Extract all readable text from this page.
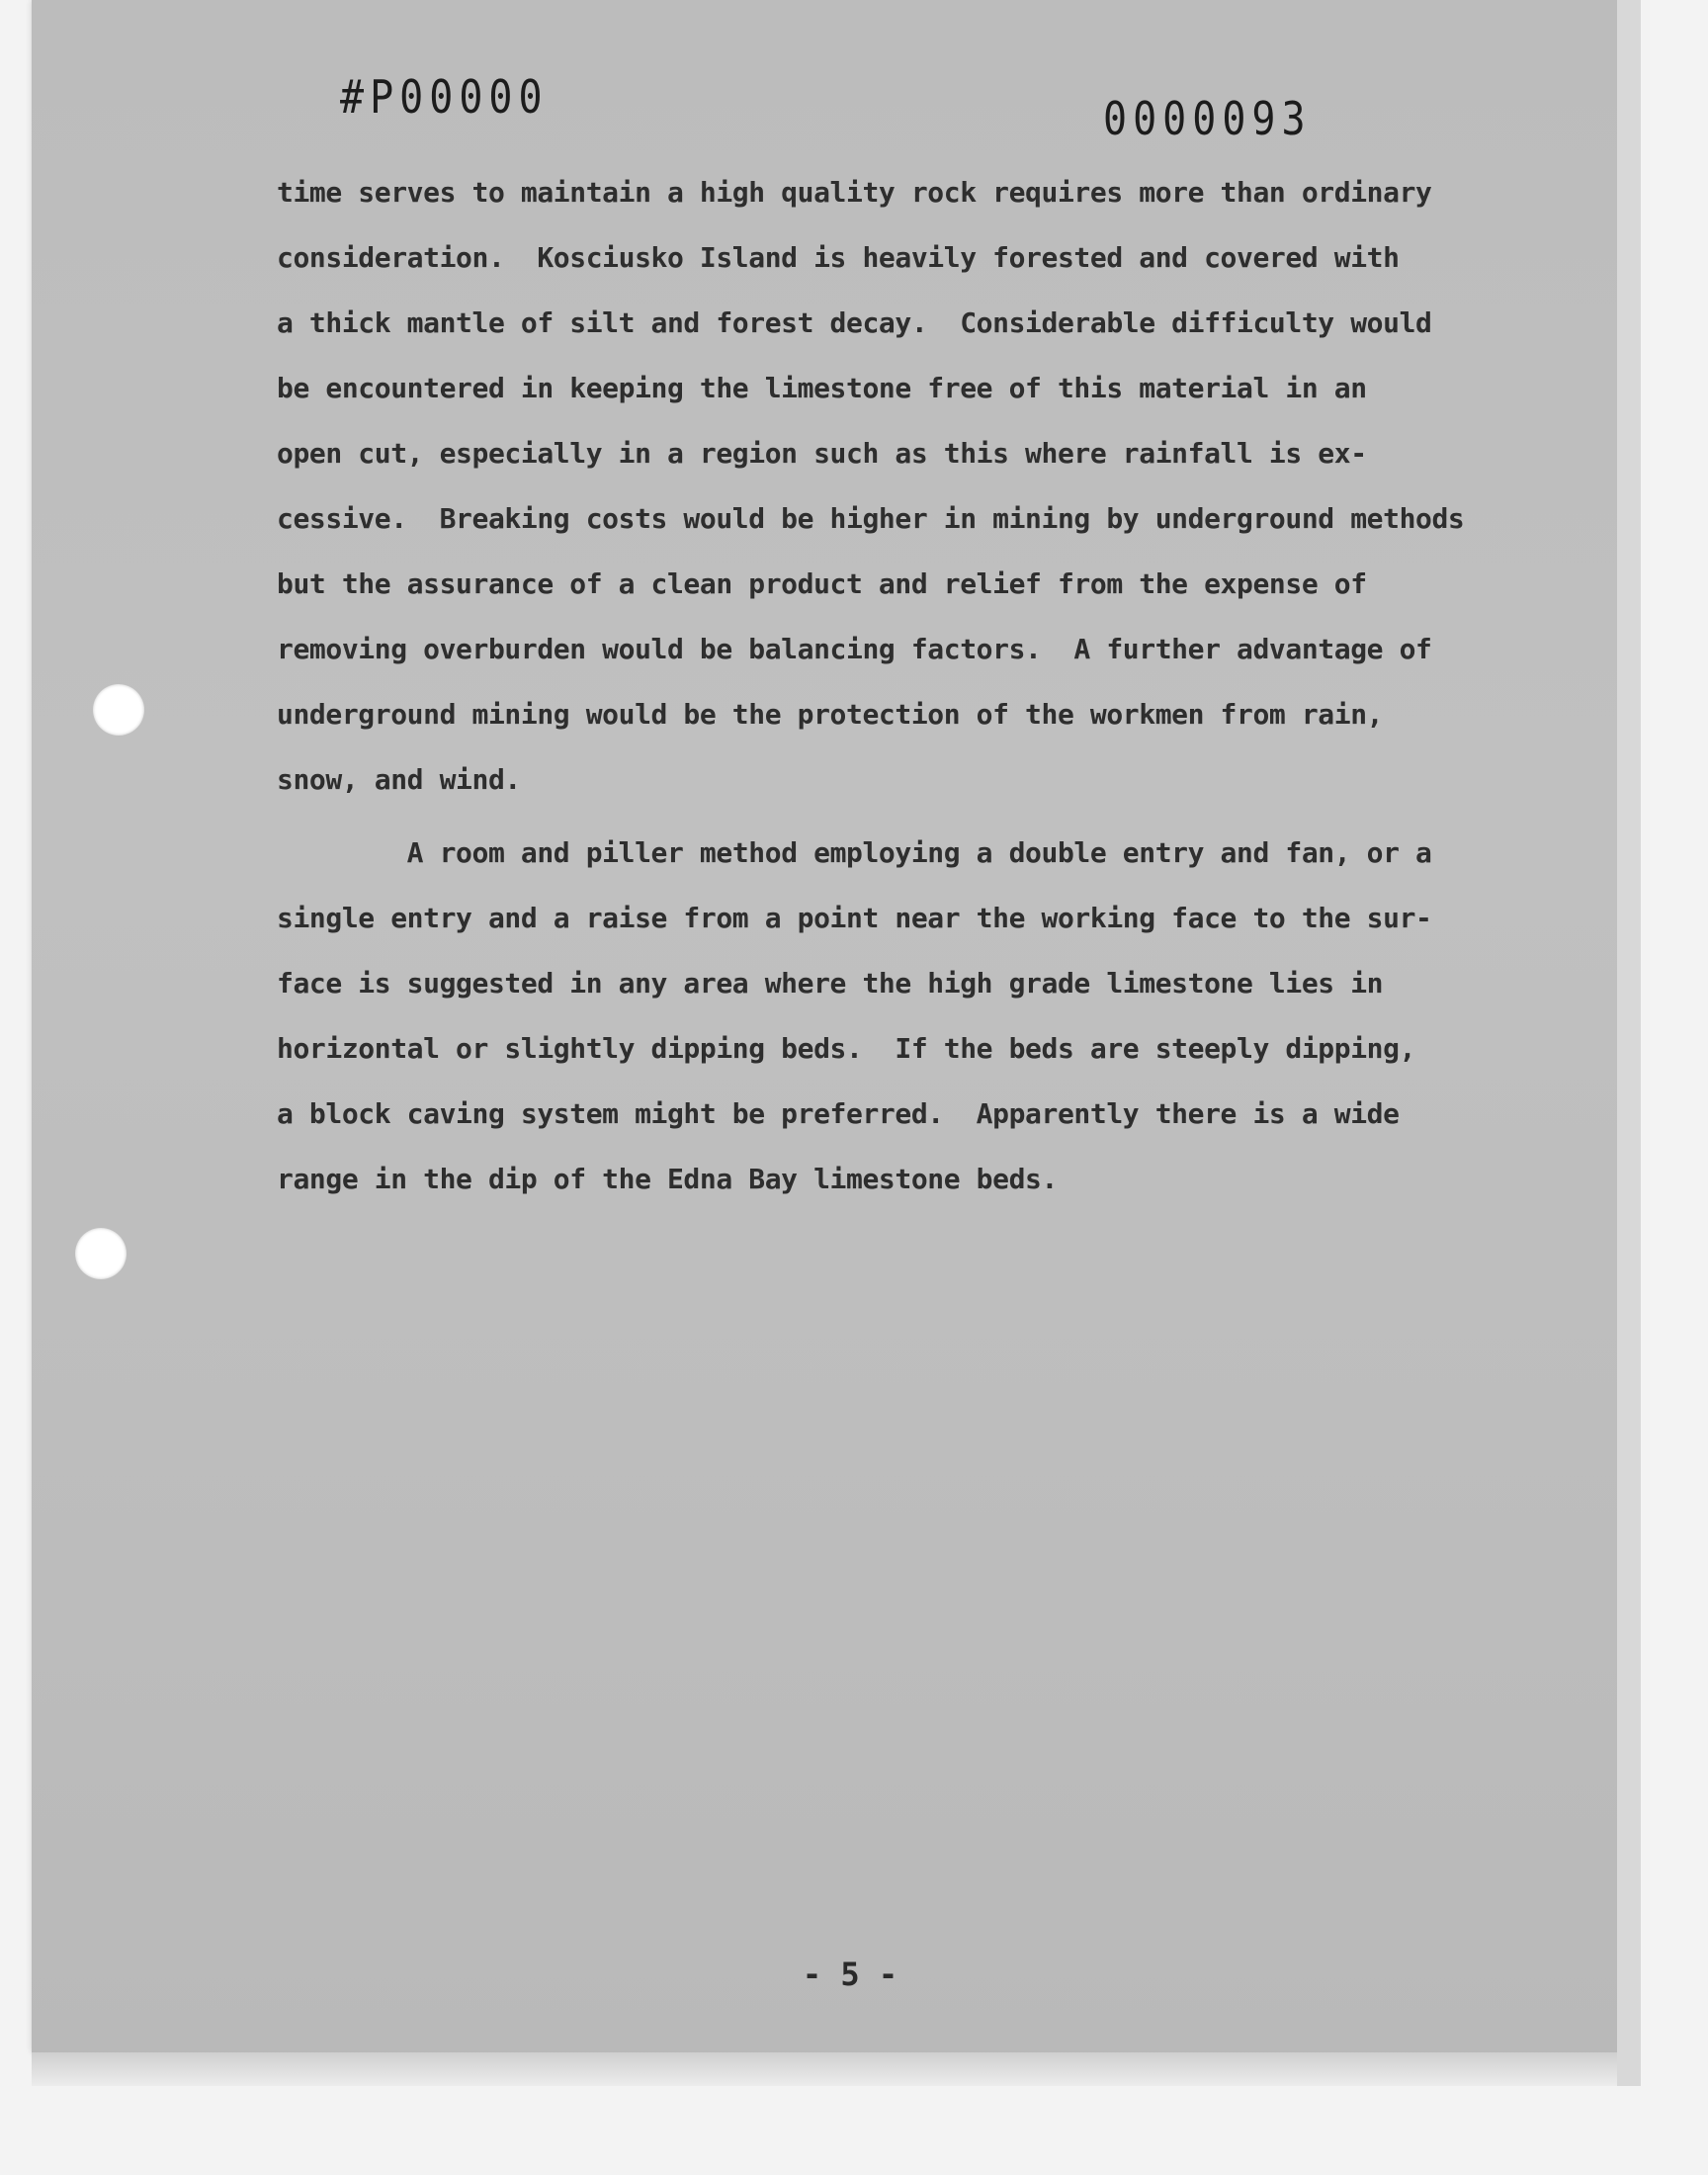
#P00000	0000093

time serves to maintain a high quality rock requires more than ordinary
consideration.  Kosciusko Island is heavily forested and covered with
a thick mantle of silt and forest decay.  Considerable difficulty would
be encountered in keeping the limestone free of this material in an
open cut, especially in a region such as this where rainfall is ex-
cessive.  Breaking costs would be higher in mining by underground methods
but the assurance of a clean product and relief from the expense of
removing overburden would be balancing factors.  A further advantage of
underground mining would be the protection of the workmen from rain,
snow, and wind.

A room and piller method employing a double entry and fan, or a
single entry and a raise from a point near the working face to the sur-
face is suggested in any area where the high grade limestone lies in
horizontal or slightly dipping beds.  If the beds are steeply dipping,
a block caving system might be preferred.  Apparently there is a wide
range in the dip of the Edna Bay limestone beds.

- 5 -
